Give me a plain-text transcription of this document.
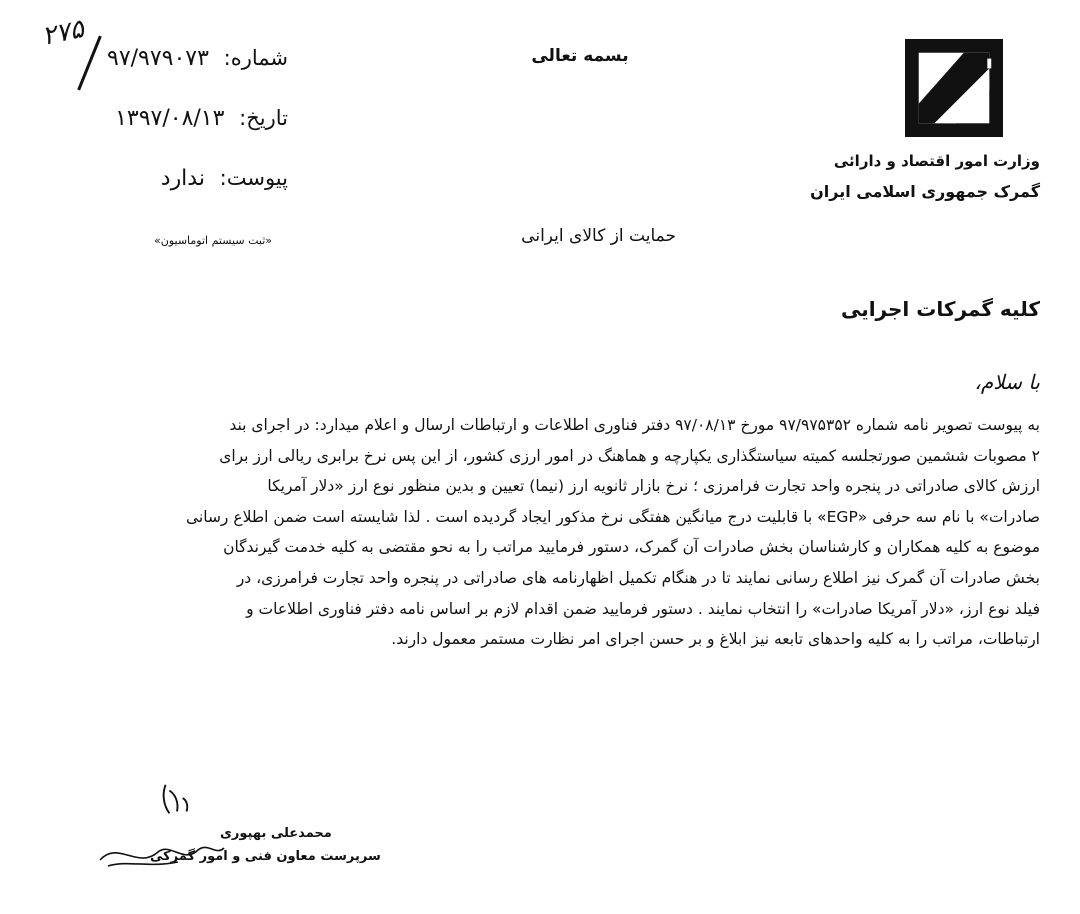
۲۷۵
شماره: ۹۷/۹۷۹۰۷۳
تاریخ: ۱۳۹۷/۰۸/۱۳
پیوست: ندارد
بسمه تعالی
وزارت امور اقتصاد و دارائی
گمرک جمهوری اسلامی ایران
حمایت از کالای ایرانی
«ثبت سیستم اتوماسیون»
کلیه گمرکات اجرایی
با سلام،
به پیوست تصویر نامه شماره ۹۷/۹۷۵۳۵۲ مورخ ۹۷/۰۸/۱۳ دفتر فناوری اطلاعات و ارتباطات ارسال و اعلام میدارد: در اجرای بند
۲ مصوبات ششمین صورتجلسه کمیته سیاستگذاری یکپارچه و هماهنگ در امور ارزی کشور، از این پس نرخ برابری ریالی ارز برای
ارزش کالای صادراتی در پنجره واحد تجارت فرامرزی ؛ نرخ بازار ثانویه ارز (نیما) تعیین و بدین منظور نوع ارز «دلار آمریکا
صادرات» با نام سه حرفی «EGP» با قابلیت درج میانگین هفتگی نرخ مذکور ایجاد گردیده است . لذا شایسته است ضمن اطلاع رسانی
موضوع به کلیه همکاران و کارشناسان بخش صادرات آن گمرک، دستور فرمایید مراتب را به نحو مقتضی به کلیه خدمت گیرندگان
بخش صادرات آن گمرک نیز اطلاع رسانی نمایند تا در هنگام تکمیل اظهارنامه های صادراتی در پنجره واحد تجارت فرامرزی، در
فیلد نوع ارز، «دلار آمریکا صادرات» را انتخاب نمایند . دستور فرمایید ضمن اقدام لازم بر اساس نامه دفتر فناوری اطلاعات و
ارتباطات، مراتب را به کلیه واحدهای تابعه نیز ابلاغ و بر حسن اجرای امر نظارت مستمر معمول دارند.
محمدعلی بهپوری
سرپرست معاون فنی و امور گمرکی
